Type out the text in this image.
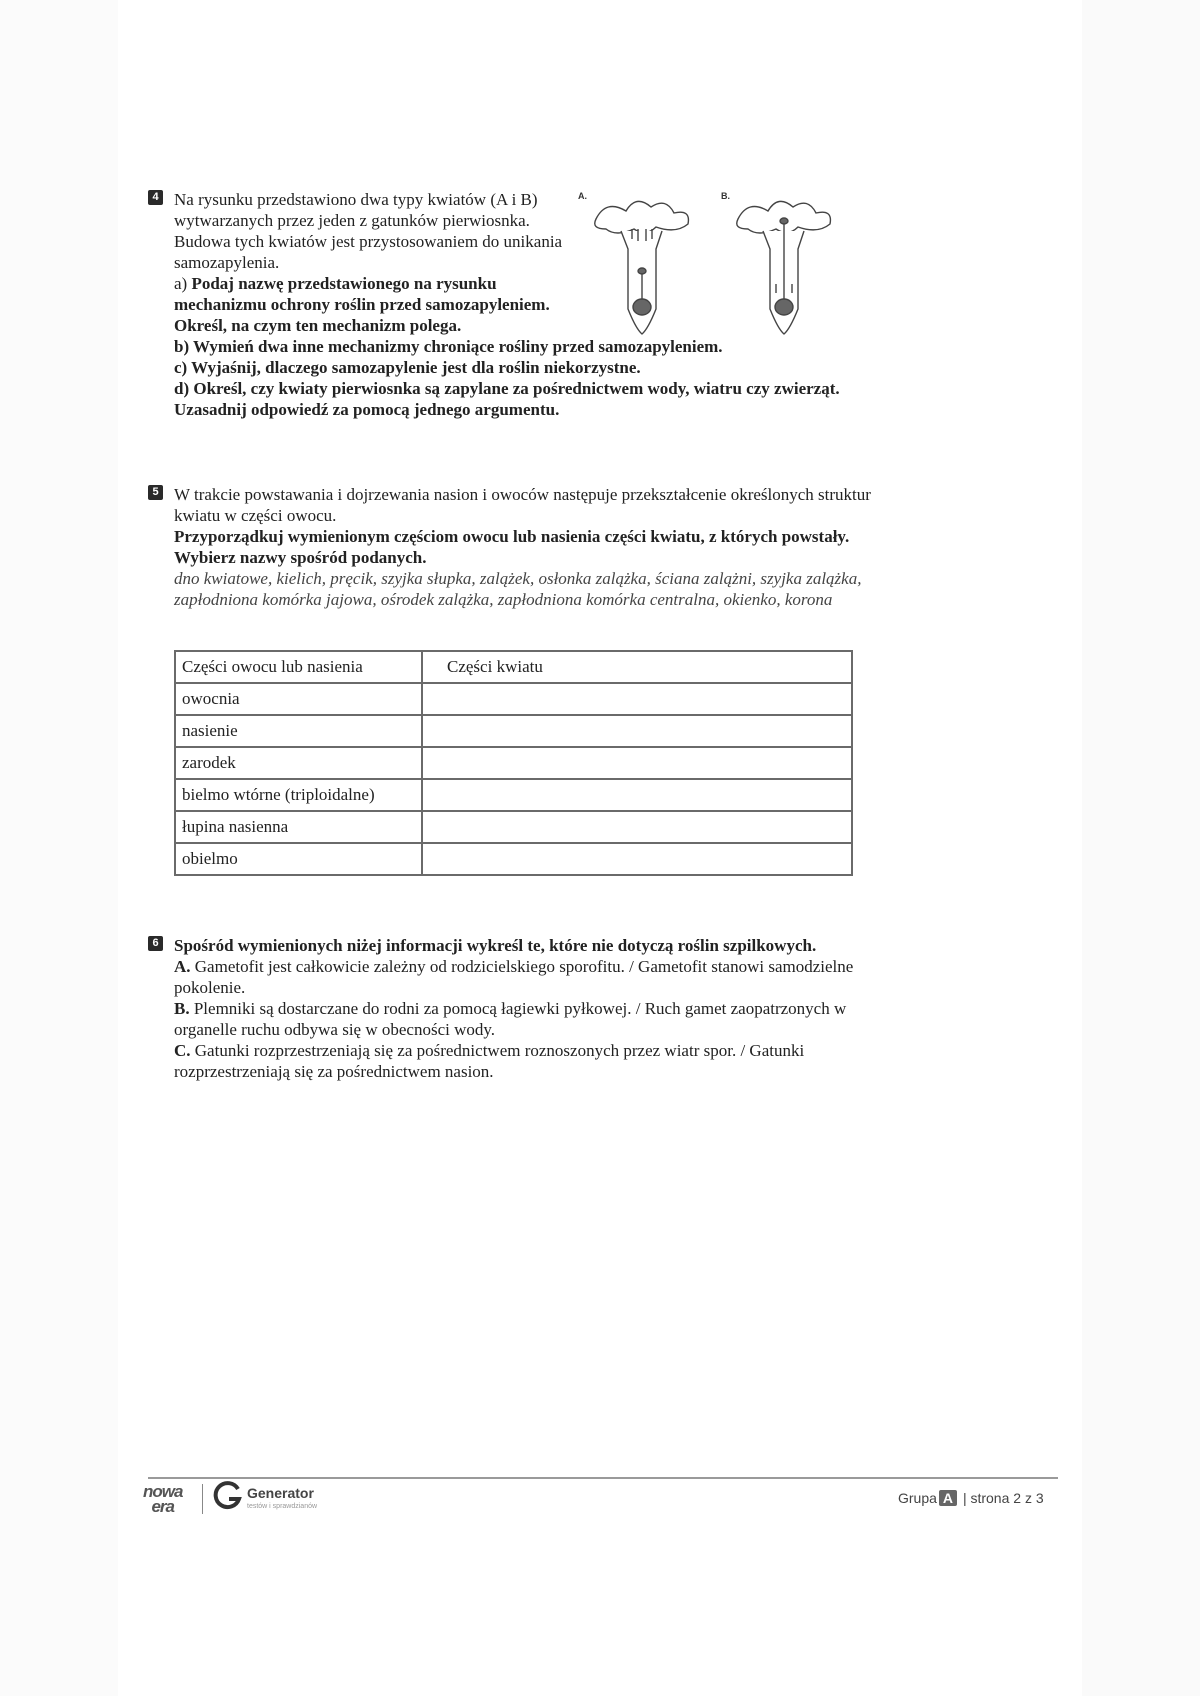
4 Na rysunku przedstawiono dwa typy kwiatów (A i B) wytwarzanych przez jeden z gatunków pierwiosnka. Budowa tych kwiatów jest przystosowaniem do unikania samozapylenia.

a) Podaj nazwę przedstawionego na rysunku mechanizmu ochrony roślin przed samozapyleniem. Określ, na czym ten mechanizm polega.

b) Wymień dwa inne mechanizmy chroniące rośliny przed samozapyleniem.

c) Wyjaśnij, dlaczego samozapylenie jest dla roślin niekorzystne.

d) Określ, czy kwiaty pierwiosnka są zapylane za pośrednictwem wody, wiatru czy zwierząt. Uzasadnij odpowiedź za pomocą jednego argumentu.

A.	B.
5 W trakcie powstawania i dojrzewania nasion i owoców następuje przekształcenie określonych struktur kwiatu w części owocu.

Przyporządkuj wymienionym częściom owocu lub nasienia części kwiatu, z których powstały. Wybierz nazwy spośród podanych.

dno kwiatowe, kielich, pręcik, szyjka słupka, zalążek, osłonka zalążka, ściana zalążni, szyjka zalążka, zapłodniona komórka jajowa, ośrodek zalążka, zapłodniona komórka centralna, okienko, korona

Części owocu lub nasienia	Części kwiatu
owocnia	
nasienie	
zarodek	
bielmo wtórne (triploidalne)	
łupina nasienna	
obielmo	
6 Spośród wymienionych niżej informacji wykreśl te, które nie dotyczą roślin szpilkowych.

A. Gametofit jest całkowicie zależny od rodzicielskiego sporofitu. / Gametofit stanowi samodzielne pokolenie.

B. Plemniki są dostarczane do rodni za pomocą łagiewki pyłkowej. / Ruch gamet zaopatrzonych w organelle ruchu odbywa się w obecności wody.

C. Gatunki rozprzestrzeniają się za pośrednictwem roznoszonych przez wiatr spor. / Gatunki rozprzestrzeniają się za pośrednictwem nasion.

nowa
era
Generator
testów i sprawdzianów
Grupa A | strona 2 z 3
